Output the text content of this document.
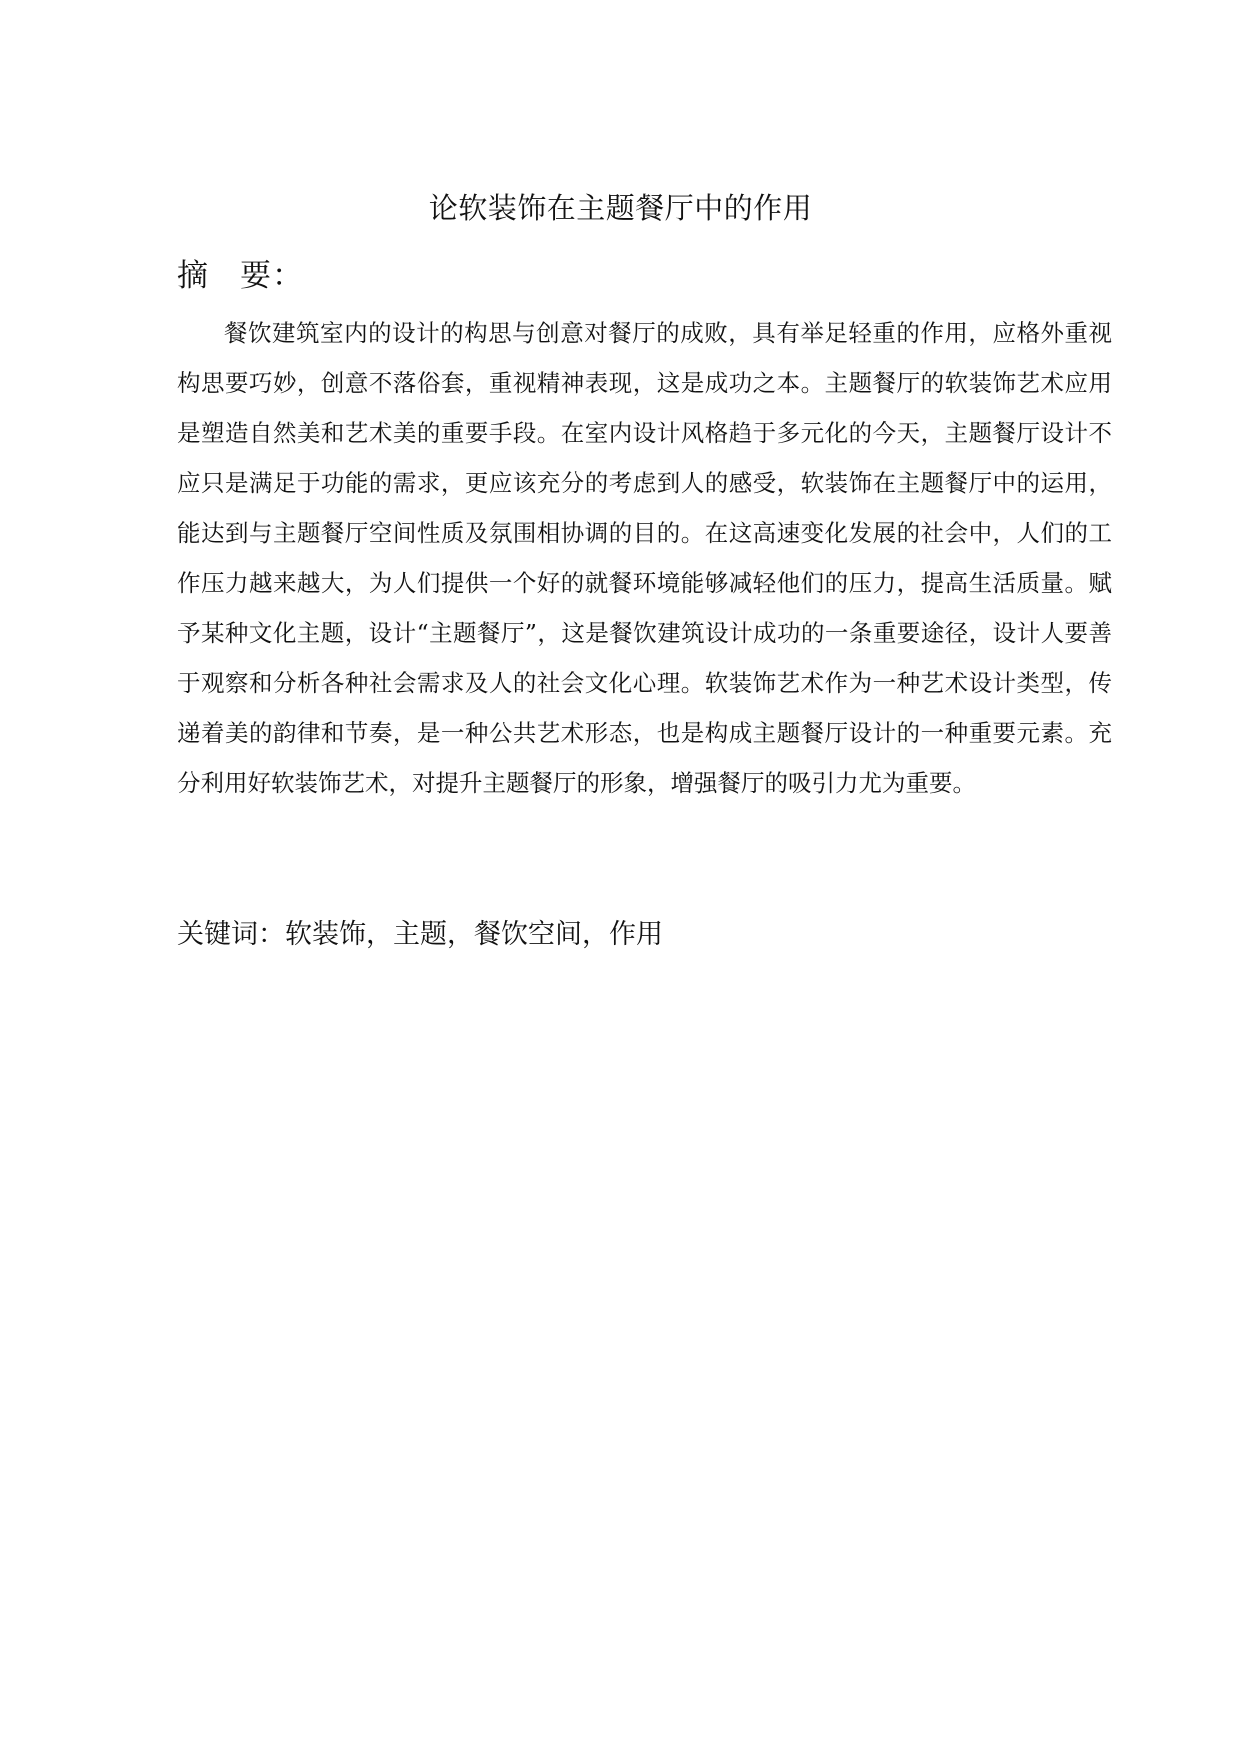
论软装饰在主题餐厅中的作用
摘 要：

餐饮建筑室内的设计的构思与创意对餐厅的成败，具有举足轻重的作用，应格外重视构思要巧妙，创意不落俗套，重视精神表现，这是成功之本。主题餐厅的软装饰艺术应用是塑造自然美和艺术美的重要手段。在室内设计风格趋于多元化的今天，主题餐厅设计不应只是满足于功能的需求，更应该充分的考虑到人的感受，软装饰在主题餐厅中的运用，能达到与主题餐厅空间性质及氛围相协调的目的。在这高速变化发展的社会中，人们的工作压力越来越大，为人们提供一个好的就餐环境能够减轻他们的压力，提高生活质量。赋予某种文化主题，设计“主题餐厅”，这是餐饮建筑设计成功的一条重要途径，设计人要善于观察和分析各种社会需求及人的社会文化心理。软装饰艺术作为一种艺术设计类型，传递着美的韵律和节奏，是一种公共艺术形态，也是构成主题餐厅设计的一种重要元素。充分利用好软装饰艺术，对提升主题餐厅的形象，增强餐厅的吸引力尤为重要。

关键词：软装饰，主题，餐饮空间，作用
